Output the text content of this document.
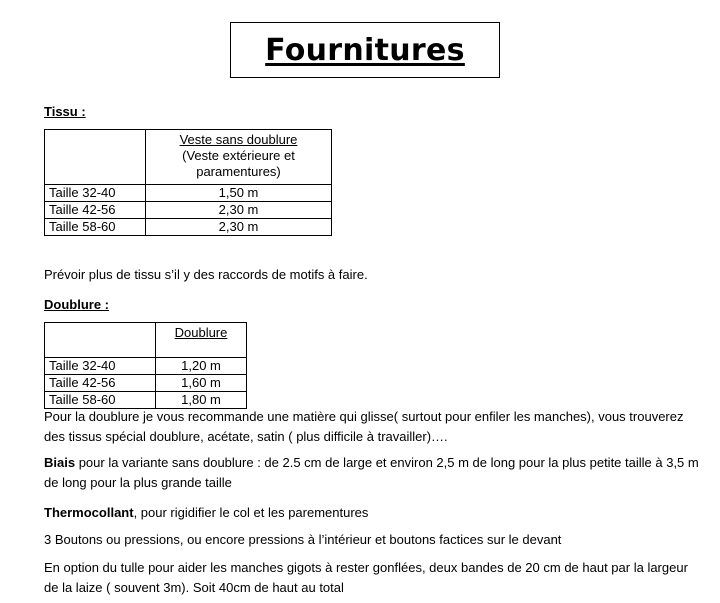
Fournitures

Tissu :

	Veste sans doublure
(Veste extérieure et
paramentures)
Taille 32-40	1,50 m
Taille 42-56	2,30 m
Taille 58-60	2,30 m

Prévoir plus de tissu s’il y des raccords de motifs à faire.

Doublure :

	Doublure
Taille 32-40	1,20 m
Taille 42-56	1,60 m
Taille 58-60	1,80 m

Pour la doublure je vous recommande une matière qui glisse( surtout pour enfiler les manches), vous trouverez des tissus spécial doublure, acétate, satin ( plus difficile à travailler)….

Biais pour la variante sans doublure : de 2.5 cm de large et environ 2,5 m de long pour la plus petite taille à 3,5 m de long pour la plus grande taille

Thermocollant, pour rigidifier le col et les parementures

3 Boutons ou pressions, ou encore pressions à l’intérieur et boutons factices sur le devant

En option du tulle pour aider les manches gigots à rester gonflées, deux bandes de 20 cm de haut par la largeur de la laize ( souvent 3m). Soit 40cm de haut au total
